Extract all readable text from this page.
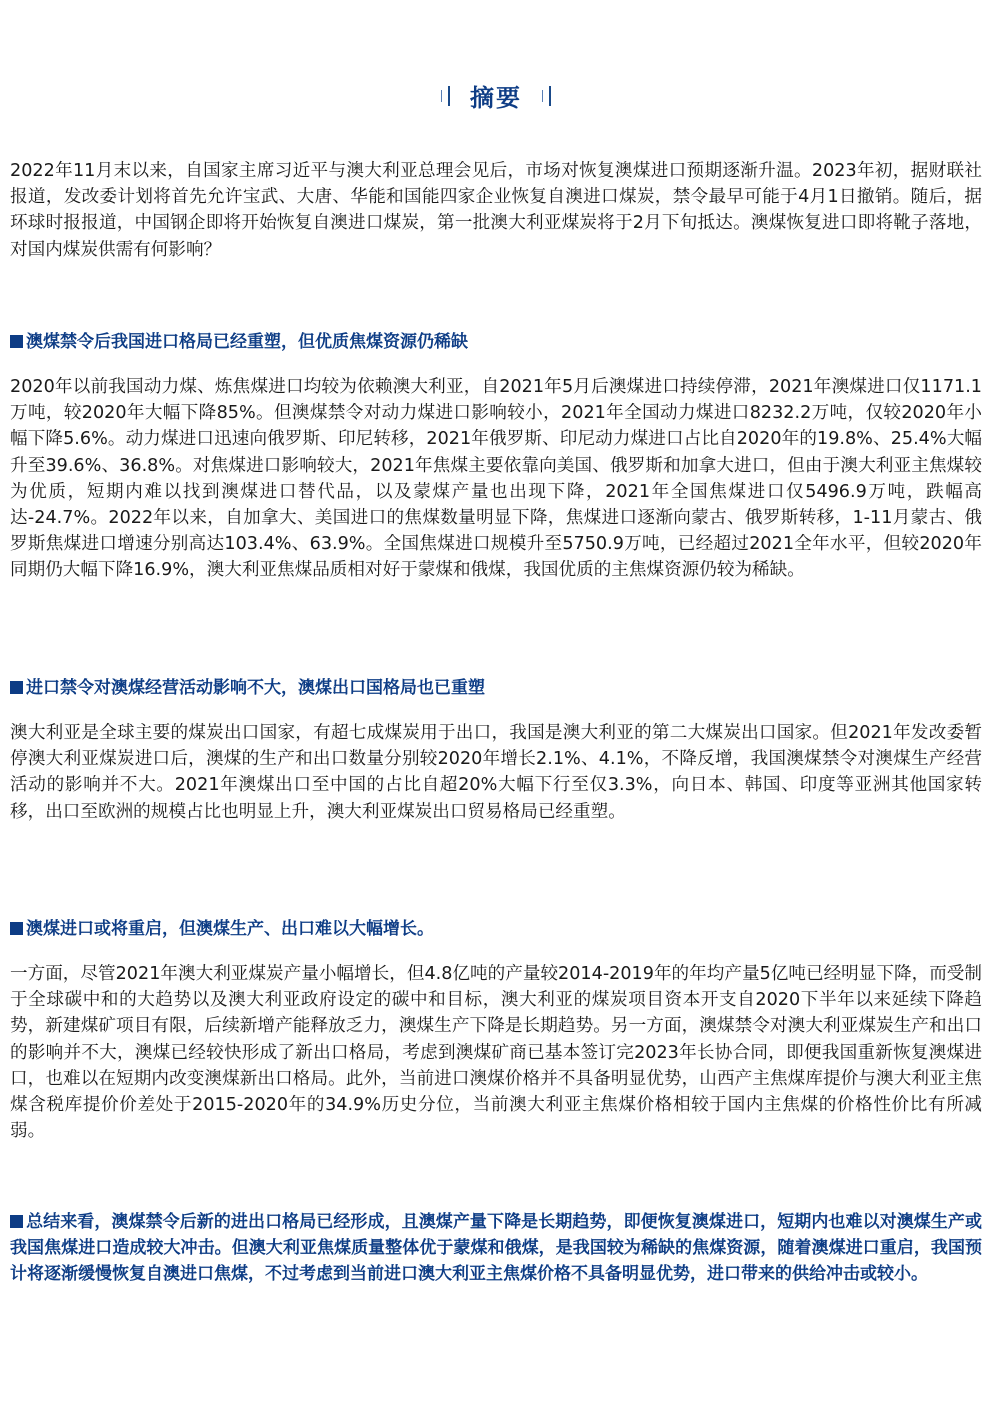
摘要

2022年11月末以来，自国家主席习近平与澳大利亚总理会见后，市场对恢复澳煤进口预期逐渐升温。2023年初，据财联社报道，发改委计划将首先允许宝武、大唐、华能和国能四家企业恢复自澳进口煤炭，禁令最早可能于4月1日撤销。随后，据环球时报报道，中国钢企即将开始恢复自澳进口煤炭，第一批澳大利亚煤炭将于2月下旬抵达。澳煤恢复进口即将靴子落地，对国内煤炭供需有何影响？

澳煤禁令后我国进口格局已经重塑，但优质焦煤资源仍稀缺

2020年以前我国动力煤、炼焦煤进口均较为依赖澳大利亚，自2021年5月后澳煤进口持续停滞，2021年澳煤进口仅1171.1万吨，较2020年大幅下降85%。但澳煤禁令对动力煤进口影响较小，2021年全国动力煤进口8232.2万吨，仅较2020年小幅下降5.6%。动力煤进口迅速向俄罗斯、印尼转移，2021年俄罗斯、印尼动力煤进口占比自2020年的19.8%、25.4%大幅升至39.6%、36.8%。对焦煤进口影响较大，2021年焦煤主要依靠向美国、俄罗斯和加拿大进口，但由于澳大利亚主焦煤较为优质，短期内难以找到澳煤进口替代品，以及蒙煤产量也出现下降，2021年全国焦煤进口仅5496.9万吨，跌幅高达-24.7%。2022年以来，自加拿大、美国进口的焦煤数量明显下降，焦煤进口逐渐向蒙古、俄罗斯转移，1-11月蒙古、俄罗斯焦煤进口增速分别高达103.4%、63.9%。全国焦煤进口规模升至5750.9万吨，已经超过2021全年水平，但较2020年同期仍大幅下降16.9%，澳大利亚焦煤品质相对好于蒙煤和俄煤，我国优质的主焦煤资源仍较为稀缺。

进口禁令对澳煤经营活动影响不大，澳煤出口国格局也已重塑

澳大利亚是全球主要的煤炭出口国家，有超七成煤炭用于出口，我国是澳大利亚的第二大煤炭出口国家。但2021年发改委暂停澳大利亚煤炭进口后，澳煤的生产和出口数量分别较2020年增长2.1%、4.1%，不降反增，我国澳煤禁令对澳煤生产经营活动的影响并不大。2021年澳煤出口至中国的占比自超20%大幅下行至仅3.3%，向日本、韩国、印度等亚洲其他国家转移，出口至欧洲的规模占比也明显上升，澳大利亚煤炭出口贸易格局已经重塑。

澳煤进口或将重启，但澳煤生产、出口难以大幅增长。

一方面，尽管2021年澳大利亚煤炭产量小幅增长，但4.8亿吨的产量较2014-2019年的年均产量5亿吨已经明显下降，而受制于全球碳中和的大趋势以及澳大利亚政府设定的碳中和目标，澳大利亚的煤炭项目资本开支自2020下半年以来延续下降趋势，新建煤矿项目有限，后续新增产能释放乏力，澳煤生产下降是长期趋势。另一方面，澳煤禁令对澳大利亚煤炭生产和出口的影响并不大，澳煤已经较快形成了新出口格局，考虑到澳煤矿商已基本签订完2023年长协合同，即便我国重新恢复澳煤进口，也难以在短期内改变澳煤新出口格局。此外，当前进口澳煤价格并不具备明显优势，山西产主焦煤库提价与澳大利亚主焦煤含税库提价价差处于2015-2020年的34.9%历史分位，当前澳大利亚主焦煤价格相较于国内主焦煤的价格性价比有所减弱。

总结来看，澳煤禁令后新的进出口格局已经形成，且澳煤产量下降是长期趋势，即便恢复澳煤进口，短期内也难以对澳煤生产或我国焦煤进口造成较大冲击。但澳大利亚焦煤质量整体优于蒙煤和俄煤，是我国较为稀缺的焦煤资源，随着澳煤进口重启，我国预计将逐渐缓慢恢复自澳进口焦煤，不过考虑到当前进口澳大利亚主焦煤价格不具备明显优势，进口带来的供给冲击或较小。
